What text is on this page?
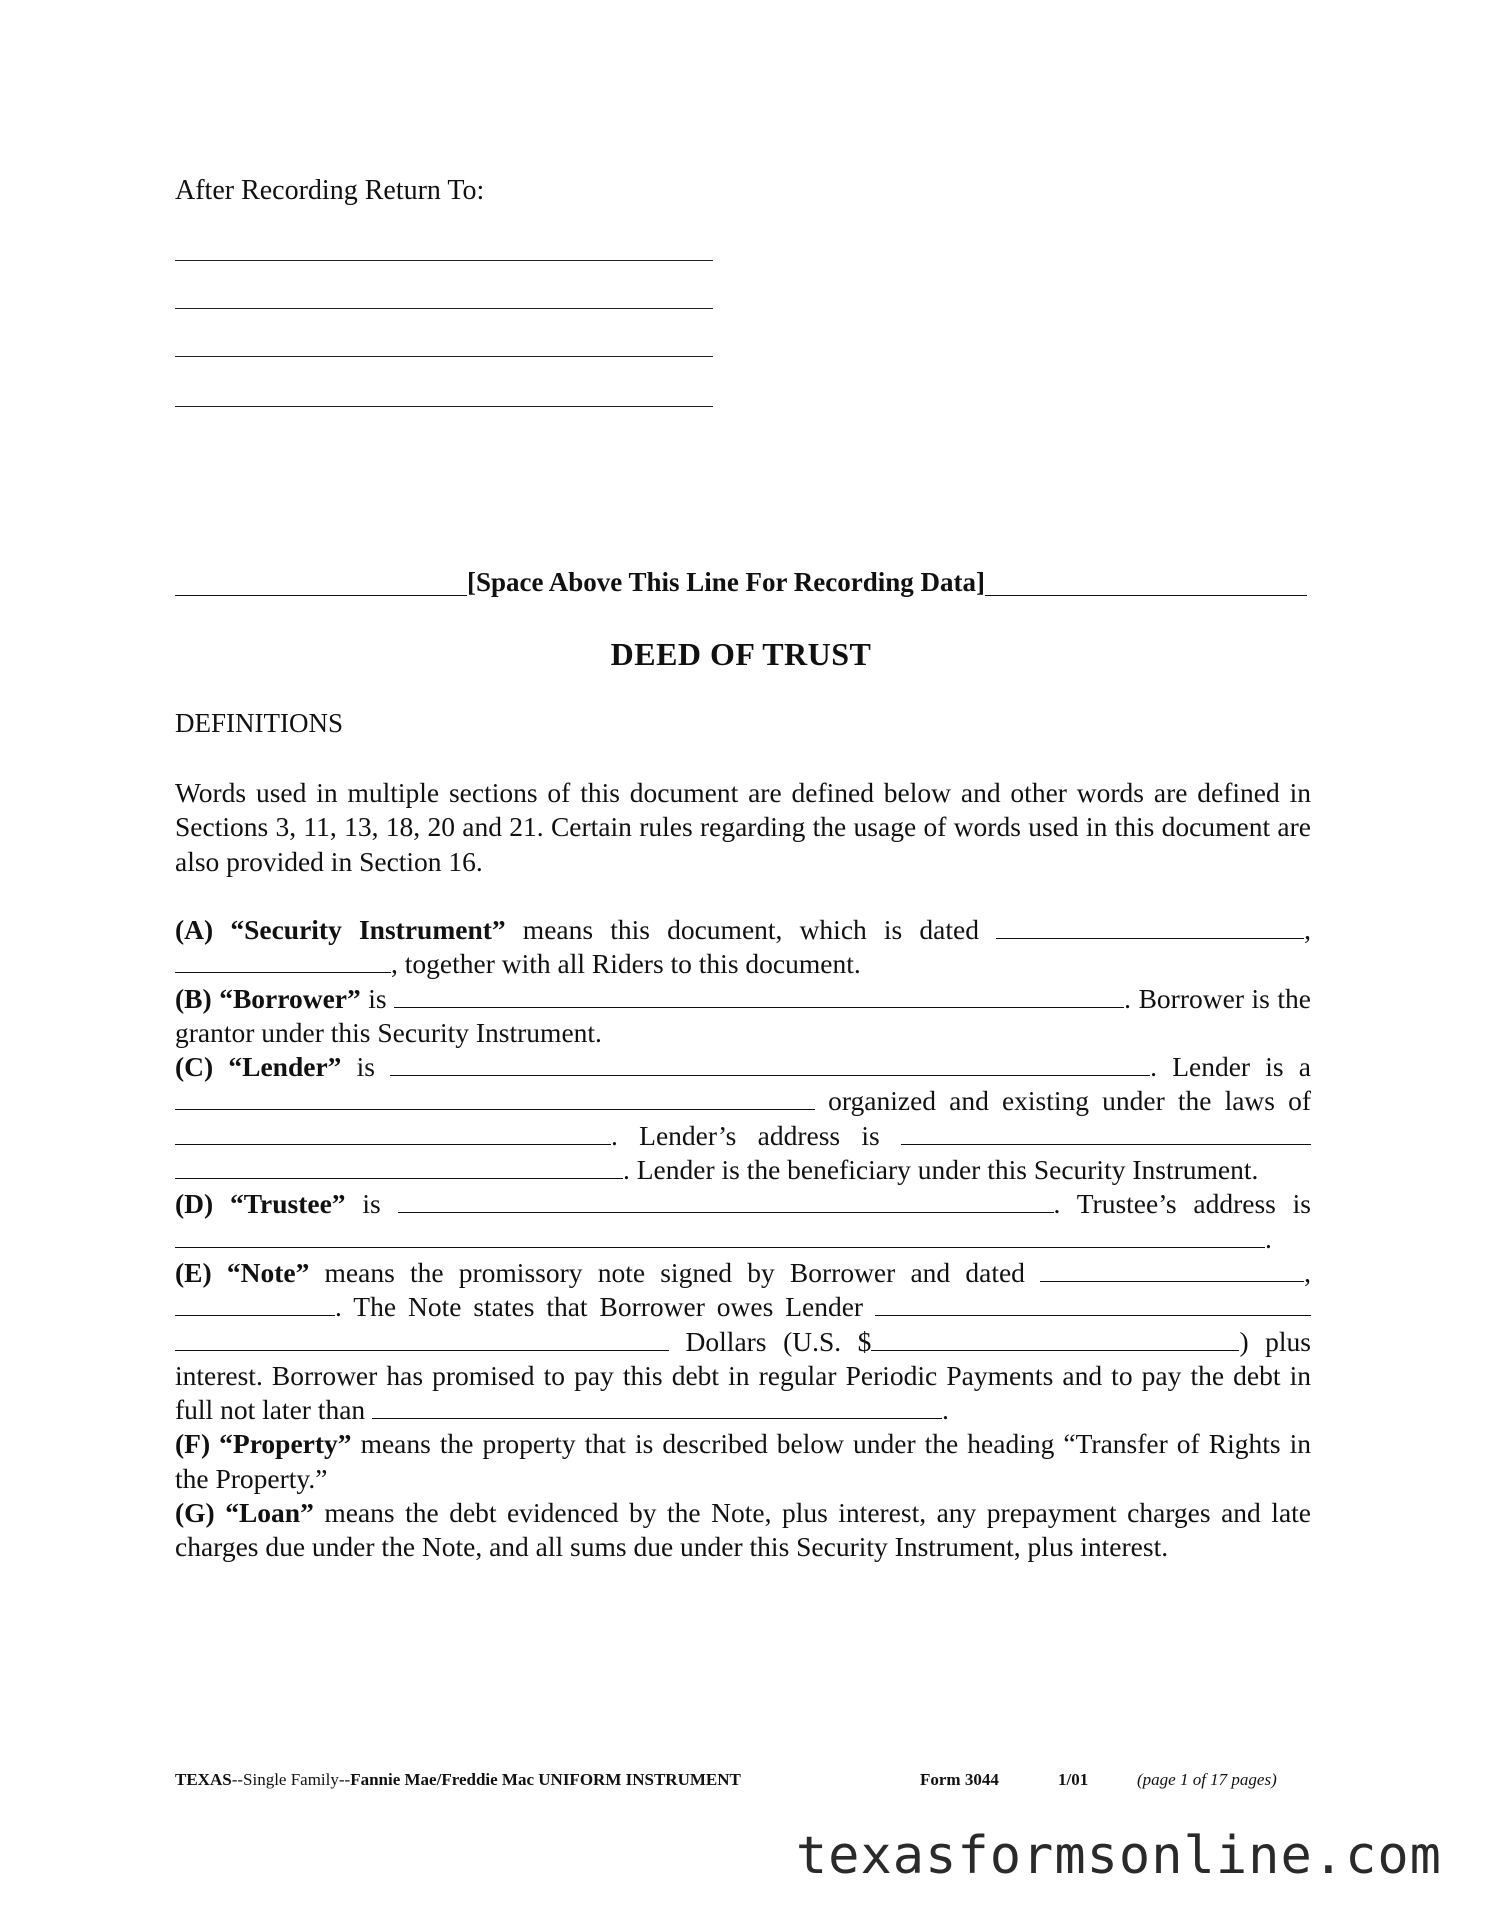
After Recording Return To:
[Space Above This Line For Recording Data]
DEED OF TRUST
DEFINITIONS
Words used in multiple sections of this document are defined below and other words are defined in Sections 3, 11, 13, 18, 20 and 21. Certain rules regarding the usage of words used in this document are also provided in Section 16.

(A) “Security Instrument” means this document, which is dated	, , together with all Riders to this document.

(B) “Borrower” is	. Borrower is the grantor under this Security Instrument.

(C) “Lender” is	. Lender is a  organized and existing under the laws of . Lender’s address is  . Lender is the beneficiary under this Security Instrument.

(D) “Trustee” is	. Trustee’s address is .

(E) “Note” means the promissory note signed by Borrower and dated	, . The Note states that Borrower owes Lender   Dollars (U.S. $	) plus interest. Borrower has promised to pay this debt in regular Periodic Payments and to pay the debt in full not later than	.

(F) “Property” means the property that is described below under the heading “Transfer of Rights in the Property.”

(G) “Loan” means the debt evidenced by the Note, plus interest, any prepayment charges and late charges due under the Note, and all sums due under this Security Instrument, plus interest.

TEXAS--Single Family--Fannie Mae/Freddie Mac UNIFORM INSTRUMENT	Form 3044	1/01	(page 1 of 17 pages)
texasformsonline.com
